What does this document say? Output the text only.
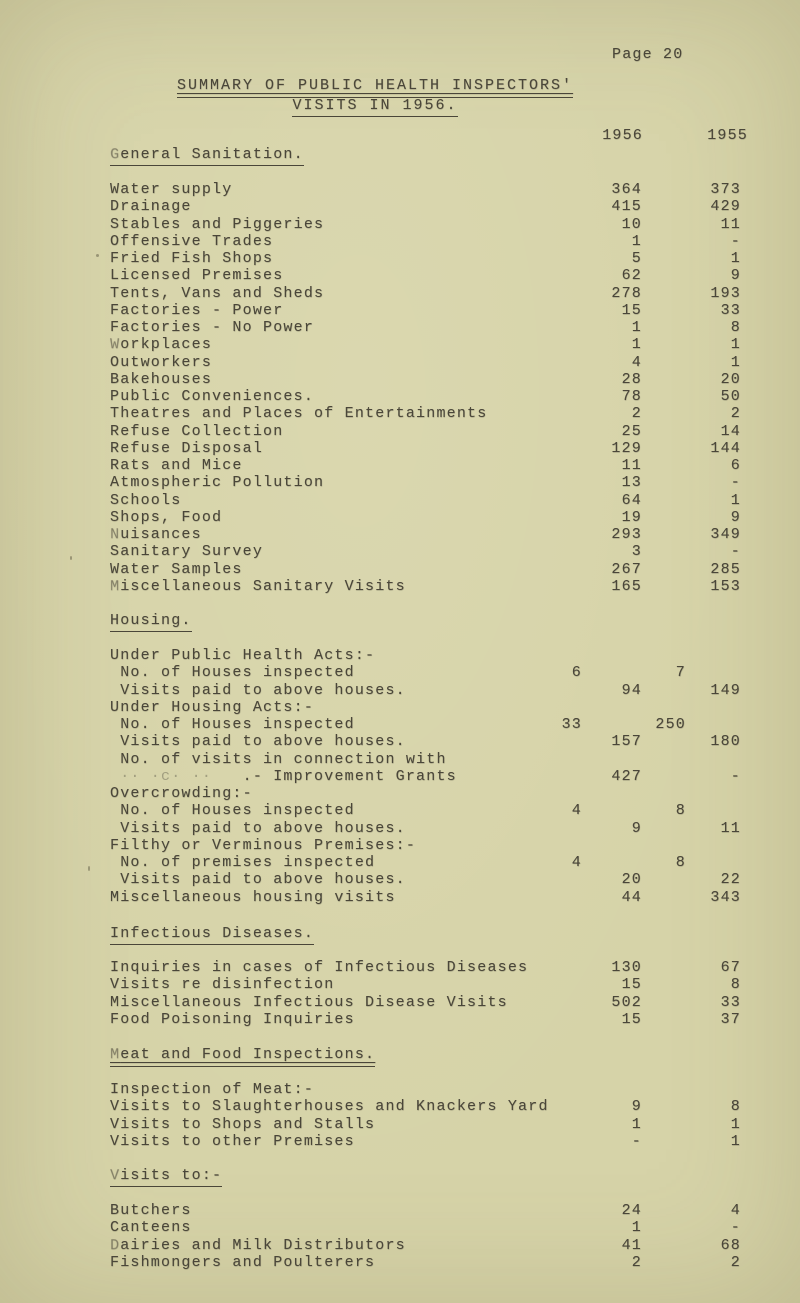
Page 20
SUMMARY OF PUBLIC HEALTH INSPECTORS'
VISITS IN 1956.
1956	1955
General Sanitation.
Water supply	364	373
Drainage	415	429
Stables and Piggeries	10	11
Offensive Trades	1	-
Fried Fish Shops	5	1
Licensed Premises	62	9
Tents, Vans and Sheds	278	193
Factories - Power	15	33
Factories - No Power	1	8
Workplaces	1	1
Outworkers	4	1
Bakehouses	28	20
Public Conveniences.	78	50
Theatres and Places of Entertainments	2	2
Refuse Collection	25	14
Refuse Disposal	129	144
Rats and Mice	11	6
Atmospheric Pollution	13	-
Schools	64	1
Shops, Food	19	9
Nuisances	293	349
Sanitary Survey	3	-
Water Samples	267	285
Miscellaneous Sanitary Visits	165	153
Housing.
Under Public Health Acts:-
No. of Houses inspected	6	7
Visits paid to above houses.	94	149
Under Housing Acts:-
No. of Houses inspected	33	250
Visits paid to above houses.	157	180
No. of visits in connection with
·· ·c· ··   .- Improvement Grants	427	-
Overcrowding:-
No. of Houses inspected	4	8
Visits paid to above houses.	9	11
Filthy or Verminous Premises:-
No. of premises inspected	4	8
Visits paid to above houses.	20	22
Miscellaneous housing visits	44	343
Infectious Diseases.
Inquiries in cases of Infectious Diseases	130	67
Visits re disinfection	15	8
Miscellaneous Infectious Disease Visits	502	33
Food Poisoning Inquiries	15	37
Meat and Food Inspections.
Inspection of Meat:-
Visits to Slaughterhouses and Knackers Yard	9	8
Visits to Shops and Stalls	1	1
Visits to other Premises	-	1
Visits to:-
Butchers	24	4
Canteens	1	-
Dairies and Milk Distributors	41	68
Fishmongers and Poulterers	2	2
